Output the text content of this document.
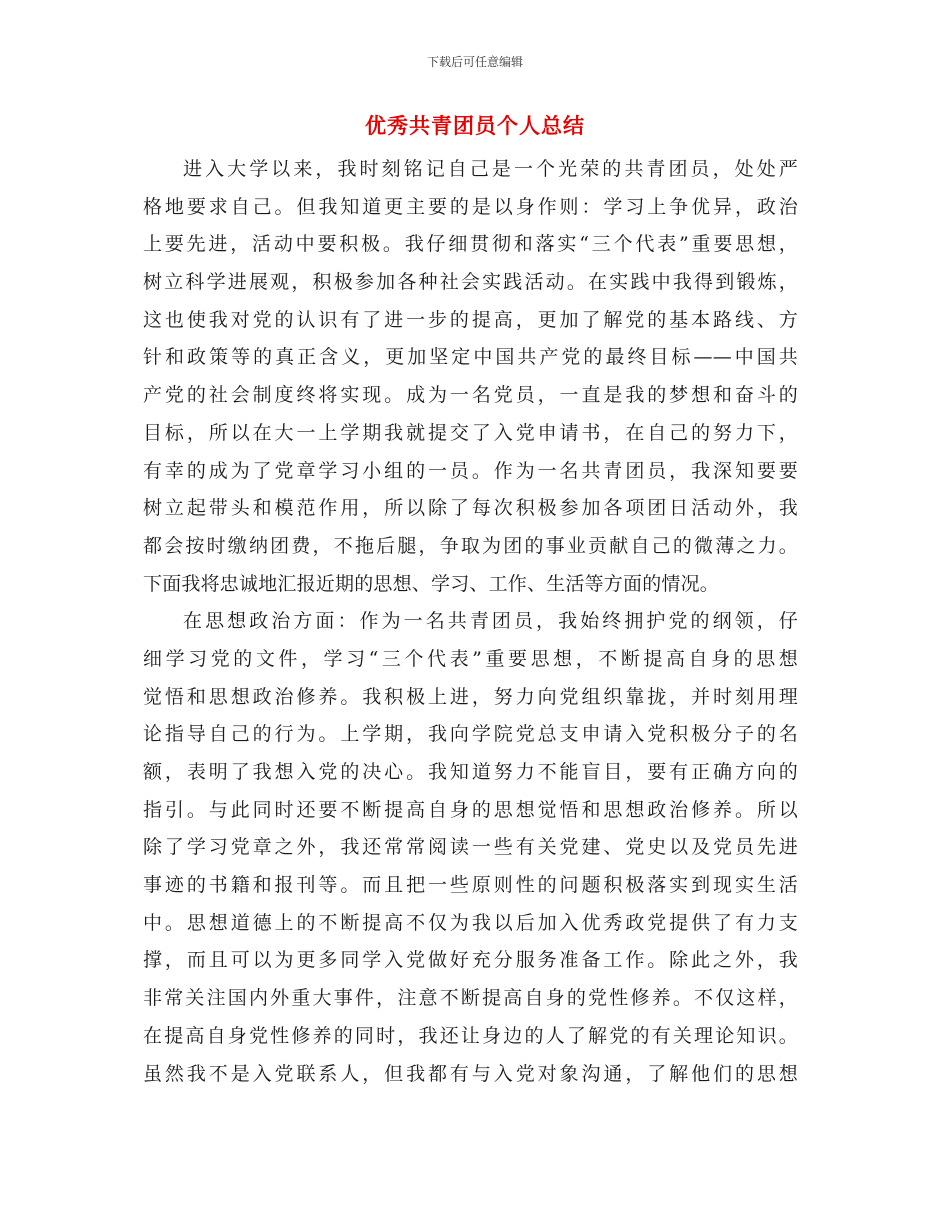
下载后可任意编辑
优秀共青团员个人总结
进入大学以来，我时刻铭记自己是一个光荣的共青团员，处处严
格地要求自己。但我知道更主要的是以身作则：学习上争优异，政治
上要先进，活动中要积极。我仔细贯彻和落实“三个代表”重要思想，
树立科学进展观，积极参加各种社会实践活动。在实践中我得到锻炼，
这也使我对党的认识有了进一步的提高，更加了解党的基本路线、方
针和政策等的真正含义，更加坚定中国共产党的最终目标——中国共
产党的社会制度终将实现。成为一名党员，一直是我的梦想和奋斗的
目标，所以在大一上学期我就提交了入党申请书，在自己的努力下，
有幸的成为了党章学习小组的一员。作为一名共青团员，我深知要要
树立起带头和模范作用，所以除了每次积极参加各项团日活动外，我
都会按时缴纳团费，不拖后腿，争取为团的事业贡献自己的微薄之力。
下面我将忠诚地汇报近期的思想、学习、工作、生活等方面的情况。
在思想政治方面：作为一名共青团员，我始终拥护党的纲领，仔
细学习党的文件，学习“三个代表”重要思想，不断提高自身的思想
觉悟和思想政治修养。我积极上进，努力向党组织靠拢，并时刻用理
论指导自己的行为。上学期，我向学院党总支申请入党积极分子的名
额，表明了我想入党的决心。我知道努力不能盲目，要有正确方向的
指引。与此同时还要不断提高自身的思想觉悟和思想政治修养。所以
除了学习党章之外，我还常常阅读一些有关党建、党史以及党员先进
事迹的书籍和报刊等。而且把一些原则性的问题积极落实到现实生活
中。思想道德上的不断提高不仅为我以后加入优秀政党提供了有力支
撑，而且可以为更多同学入党做好充分服务准备工作。除此之外，我
非常关注国内外重大事件，注意不断提高自身的党性修养。不仅这样，
在提高自身党性修养的同时，我还让身边的人了解党的有关理论知识。
虽然我不是入党联系人，但我都有与入党对象沟通，了解他们的思想
